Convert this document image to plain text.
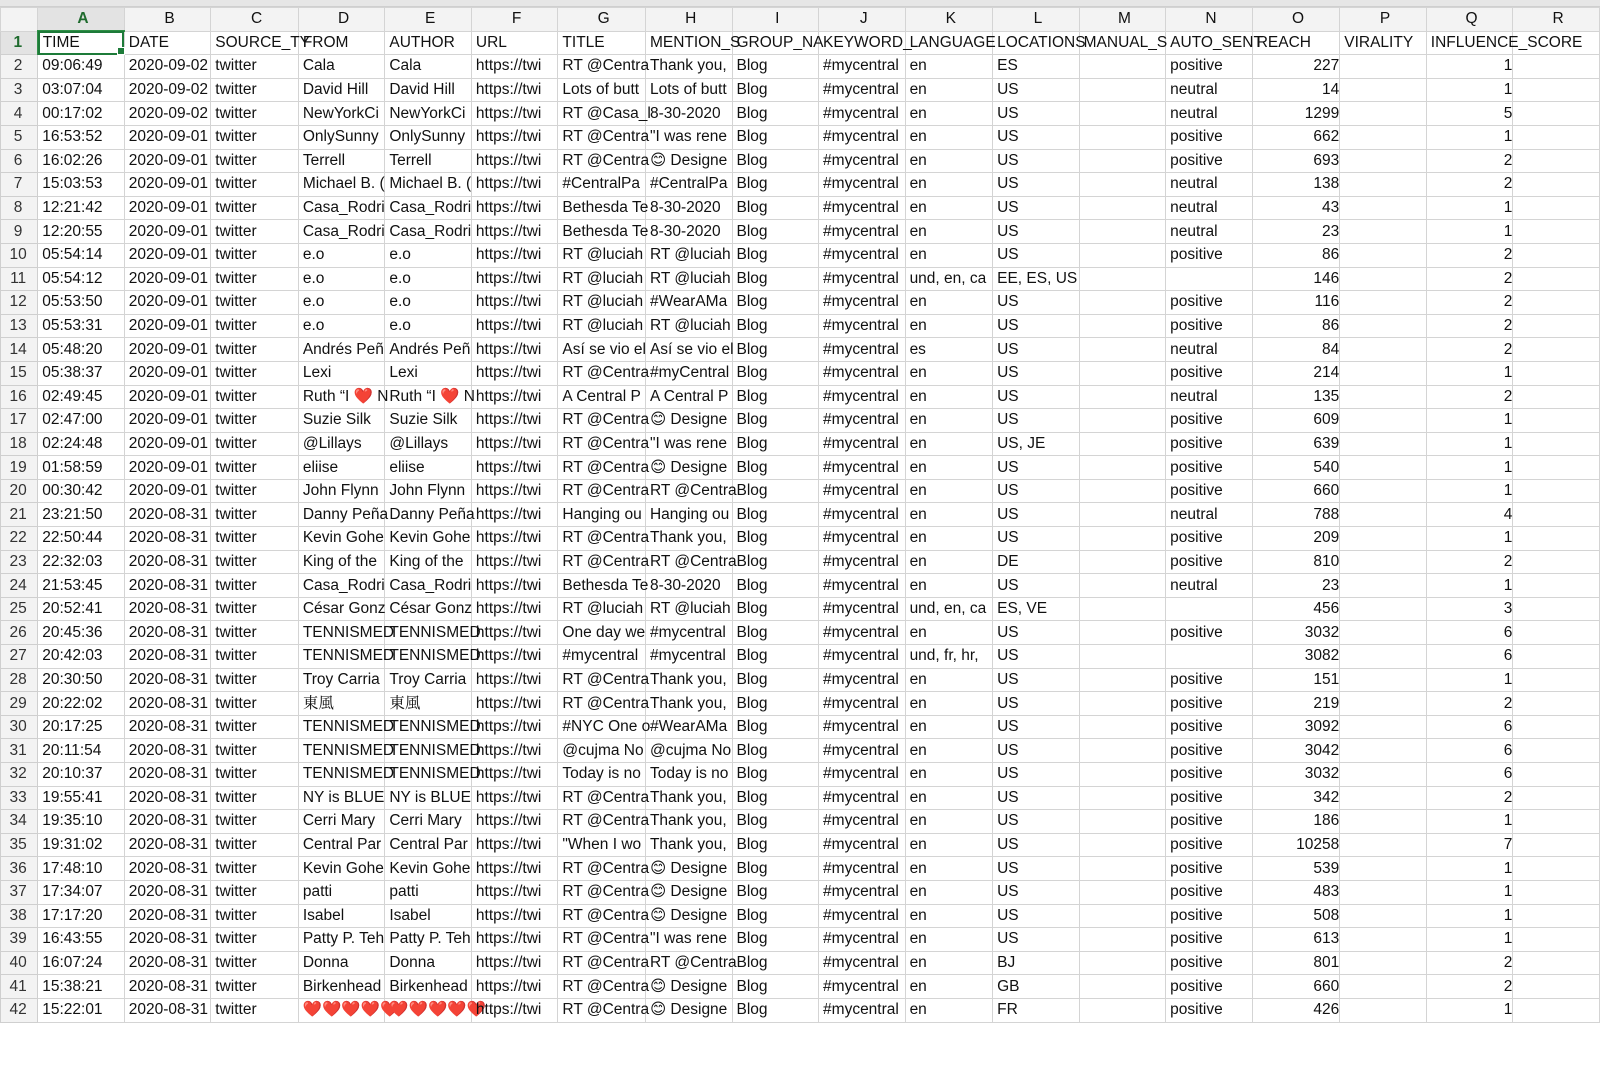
	A	B	C	D	E	F	G	H	I	J	K	L	M	N	O	P	Q	R
1	TIME	DATE	SOURCE_TY	FROM	AUTHOR	URL	TITLE	MENTION_S	GROUP_NA	KEYWORD_	LANGUAGE	LOCATIONS	MANUAL_S	AUTO_SENT	REACH	VIRALITY	INFLUENCE_SCORE	
2	09:06:49	2020-09-02	twitter	Cala	Cala	https://twi	RT @Centra	Thank you,	Blog	#mycentral	en	ES		positive	227		1	
3	03:07:04	2020-09-02	twitter	David Hill	David Hill	https://twi	Lots of butt	Lots of butt	Blog	#mycentral	en	US		neutral	14		1	
4	00:17:02	2020-09-02	twitter	NewYorkCi	NewYorkCi	https://twi	RT @Casa_l	8-30-2020	Blog	#mycentral	en	US		neutral	1299		5	
5	16:53:52	2020-09-01	twitter	OnlySunny	OnlySunny	https://twi	RT @Centra	"I was rene	Blog	#mycentral	en	US		positive	662		1	
6	16:02:26	2020-09-01	twitter	Terrell	Terrell	https://twi	RT @Centra	😊 Designe	Blog	#mycentral	en	US		positive	693		2	
7	15:03:53	2020-09-01	twitter	Michael B. (	Michael B. (	https://twi	#CentralPa	#CentralPa	Blog	#mycentral	en	US		neutral	138		2	
8	12:21:42	2020-09-01	twitter	Casa_Rodri	Casa_Rodri	https://twi	Bethesda Te	8-30-2020	Blog	#mycentral	en	US		neutral	43		1	
9	12:20:55	2020-09-01	twitter	Casa_Rodri	Casa_Rodri	https://twi	Bethesda Te	8-30-2020	Blog	#mycentral	en	US		neutral	23		1	
10	05:54:14	2020-09-01	twitter	e.o	e.o	https://twi	RT @luciah	RT @luciah	Blog	#mycentral	en	US		positive	86		2	
11	05:54:12	2020-09-01	twitter	e.o	e.o	https://twi	RT @luciah	RT @luciah	Blog	#mycentral	und, en, ca	EE, ES, US			146		2	
12	05:53:50	2020-09-01	twitter	e.o	e.o	https://twi	RT @luciah	#WearAMa	Blog	#mycentral	en	US		positive	116		2	
13	05:53:31	2020-09-01	twitter	e.o	e.o	https://twi	RT @luciah	RT @luciah	Blog	#mycentral	en	US		positive	86		2	
14	05:48:20	2020-09-01	twitter	Andrés Peñ	Andrés Peñ	https://twi	Así se vio el	Así se vio el	Blog	#mycentral	es	US		neutral	84		2	
15	05:38:37	2020-09-01	twitter	Lexi	Lexi	https://twi	RT @Centra	#myCentral	Blog	#mycentral	en	US		positive	214		1	
16	02:49:45	2020-09-01	twitter	Ruth “I ❤️ N	Ruth “I ❤️ N	https://twi	A Central P	A Central P	Blog	#mycentral	en	US		neutral	135		2	
17	02:47:00	2020-09-01	twitter	Suzie Silk	Suzie Silk	https://twi	RT @Centra	😊 Designe	Blog	#mycentral	en	US		positive	609		1	
18	02:24:48	2020-09-01	twitter	@Lillays	@Lillays	https://twi	RT @Centra	"I was rene	Blog	#mycentral	en	US, JE		positive	639		1	
19	01:58:59	2020-09-01	twitter	eliise	eliise	https://twi	RT @Centra	😊 Designe	Blog	#mycentral	en	US		positive	540		1	
20	00:30:42	2020-09-01	twitter	John Flynn	John Flynn	https://twi	RT @Centra	RT @Centra	Blog	#mycentral	en	US		positive	660		1	
21	23:21:50	2020-08-31	twitter	Danny Peña	Danny Peña	https://twi	Hanging ou	Hanging ou	Blog	#mycentral	en	US		neutral	788		4	
22	22:50:44	2020-08-31	twitter	Kevin Gohe	Kevin Gohe	https://twi	RT @Centra	Thank you,	Blog	#mycentral	en	US		positive	209		1	
23	22:32:03	2020-08-31	twitter	King of the	King of the	https://twi	RT @Centra	RT @Centra	Blog	#mycentral	en	DE		positive	810		2	
24	21:53:45	2020-08-31	twitter	Casa_Rodri	Casa_Rodri	https://twi	Bethesda Te	8-30-2020	Blog	#mycentral	en	US		neutral	23		1	
25	20:52:41	2020-08-31	twitter	César Gonz	César Gonz	https://twi	RT @luciah	RT @luciah	Blog	#mycentral	und, en, ca	ES, VE			456		3	
26	20:45:36	2020-08-31	twitter	TENNISMED	TENNISMED	https://twi	One day we	#mycentral	Blog	#mycentral	en	US		positive	3032		6	
27	20:42:03	2020-08-31	twitter	TENNISMED	TENNISMED	https://twi	#mycentral	#mycentral	Blog	#mycentral	und, fr, hr,	US			3082		6	
28	20:30:50	2020-08-31	twitter	Troy Carria	Troy Carria	https://twi	RT @Centra	Thank you,	Blog	#mycentral	en	US		positive	151		1	
29	20:22:02	2020-08-31	twitter	東風	東風	https://twi	RT @Centra	Thank you,	Blog	#mycentral	en	US		positive	219		2	
30	20:17:25	2020-08-31	twitter	TENNISMED	TENNISMED	https://twi	#NYC One o	#WearAMa	Blog	#mycentral	en	US		positive	3092		6	
31	20:11:54	2020-08-31	twitter	TENNISMED	TENNISMED	https://twi	@cujma No	@cujma No	Blog	#mycentral	en	US		positive	3042		6	
32	20:10:37	2020-08-31	twitter	TENNISMED	TENNISMED	https://twi	Today is no	Today is no	Blog	#mycentral	en	US		positive	3032		6	
33	19:55:41	2020-08-31	twitter	NY is BLUE	NY is BLUE	https://twi	RT @Centra	Thank you,	Blog	#mycentral	en	US		positive	342		2	
34	19:35:10	2020-08-31	twitter	Cerri Mary	Cerri Mary	https://twi	RT @Centra	Thank you,	Blog	#mycentral	en	US		positive	186		1	
35	19:31:02	2020-08-31	twitter	Central Par	Central Par	https://twi	"When I wo	Thank you,	Blog	#mycentral	en	US		positive	10258		7	
36	17:48:10	2020-08-31	twitter	Kevin Gohe	Kevin Gohe	https://twi	RT @Centra	😊 Designe	Blog	#mycentral	en	US		positive	539		1	
37	17:34:07	2020-08-31	twitter	patti	patti	https://twi	RT @Centra	😊 Designe	Blog	#mycentral	en	US		positive	483		1	
38	17:17:20	2020-08-31	twitter	Isabel	Isabel	https://twi	RT @Centra	😊 Designe	Blog	#mycentral	en	US		positive	508		1	
39	16:43:55	2020-08-31	twitter	Patty P. Teh	Patty P. Teh	https://twi	RT @Centra	"I was rene	Blog	#mycentral	en	US		positive	613		1	
40	16:07:24	2020-08-31	twitter	Donna	Donna	https://twi	RT @Centra	RT @Centra	Blog	#mycentral	en	BJ		positive	801		2	
41	15:38:21	2020-08-31	twitter	Birkenhead	Birkenhead	https://twi	RT @Centra	😊 Designe	Blog	#mycentral	en	GB		positive	660		2	
42	15:22:01	2020-08-31	twitter	❤️❤️❤️❤️❤️	❤️❤️❤️❤️❤️	https://twi	RT @Centra	😊 Designe	Blog	#mycentral	en	FR		positive	426		1	
